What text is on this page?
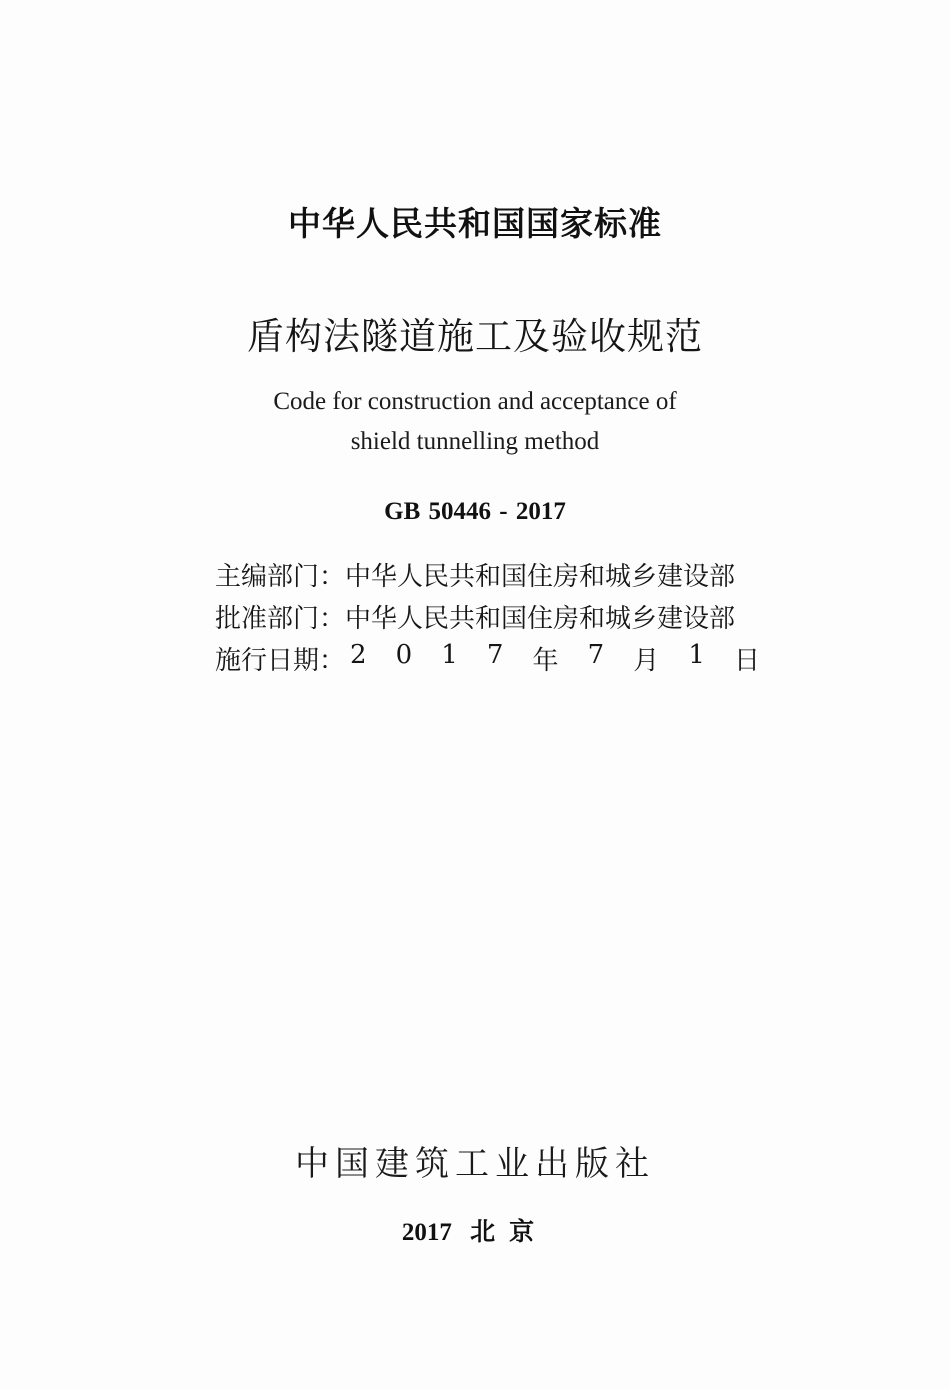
中华人民共和国国家标准
盾构法隧道施工及验收规范
Code for construction and acceptance of
shield tunnelling method
GB 50446 - 2017
主编部门：中华人民共和国住房和城乡建设部
批准部门：中华人民共和国住房和城乡建设部
施行日期： 2 0 1 7 年 7 月 1 日
中国建筑工业出版社
2017 北京
